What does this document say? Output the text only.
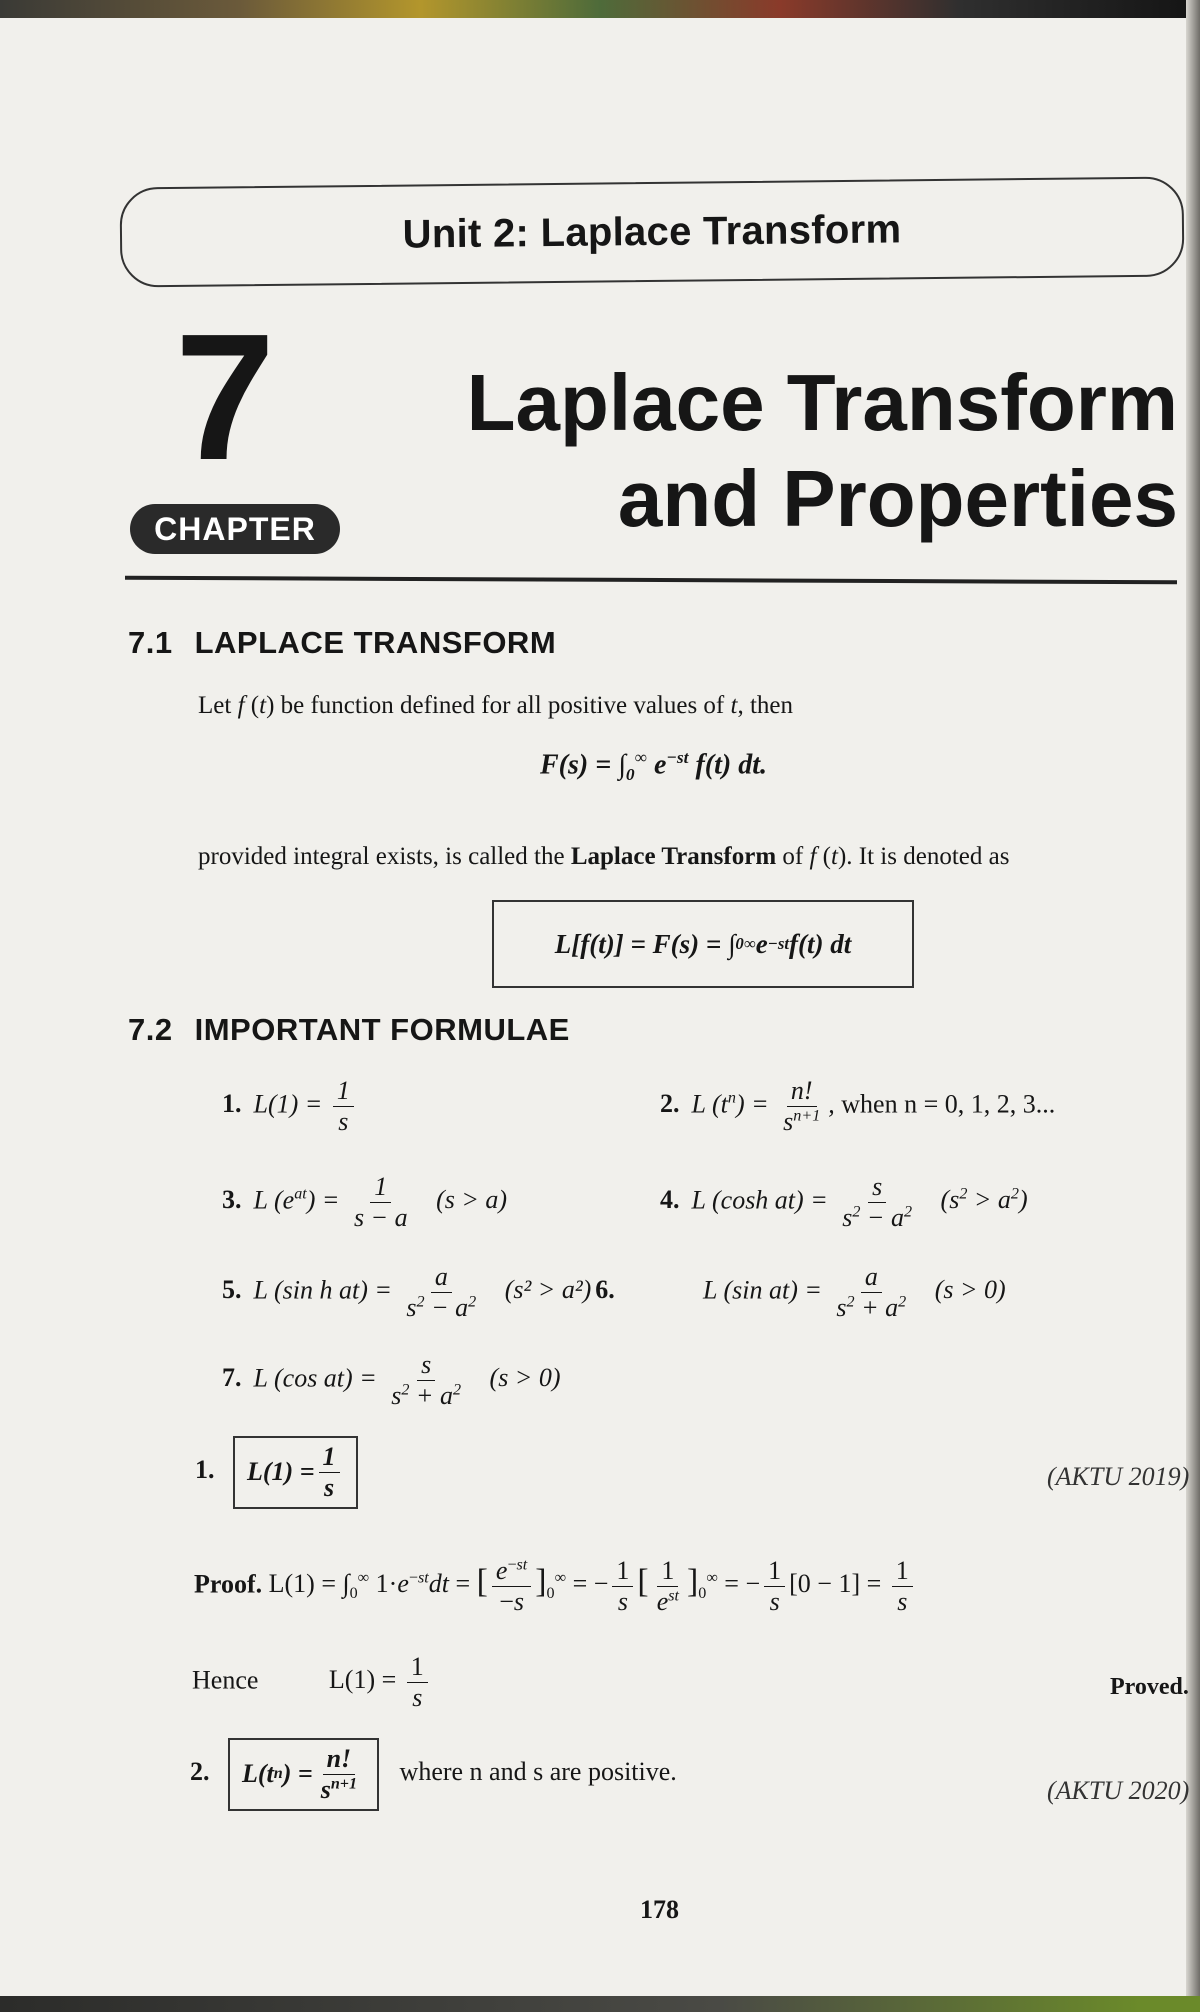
Unit 2: Laplace Transform
7
CHAPTER
Laplace Transform
and Properties
7.1 LAPLACE TRANSFORM
Let f (t) be function defined for all positive values of t, then
$F(s) = \int_0^\infty$ $e^{-st}$ f(t) dt.
provided integral exists, is called the Laplace Transform of f (t). It is denoted as
L[f(t)] = F(s) = ∫ 0 ∞ e −st f(t) dt
7.2 IMPORTANT FORMULAE
1. $L(1) = \frac{1}{s}$	2. L $(t^n) = \frac{n!}{s^{n+1}}$ , when n = 0, 1, 2, 3...
3. L $(e^{at}) = \frac{1}{s - a} (s > a)$	4. L (cosh $at) = \frac{s}{s^2 - a^2} (s^2 > a^2)$
5. L (sin h $at) = \frac{a}{s^2 - a^2} (s^2 > a^2)$ 6.	L (sin $at) = \frac{a}{s^2 + a^2} (s > 0)$
7. L (cos $at) = \frac{s}{s^2 + a^2} (s > 0)$
1. $L(1) = \frac{1}{s}$	(AKTU 2019)
Proof. $L(1) = \int_0^\infty$ $1\cdot e^{-st}dt$ = [ $\frac{e^{-st}}{-s} ]_0^\infty$ = − $\frac{1}{s}$ [ $\frac{1}{e^{st}} ]_0^\infty$ = − $\frac{1}{s} [0 - 1] = \frac{1}{s}$
Hence	$L(1) = \frac{1}{s}$	Proved.
2. L(t n ) = $\frac{n!}{s^{n+1}}$ where n and s are positive.
(AKTU 2020)
178
